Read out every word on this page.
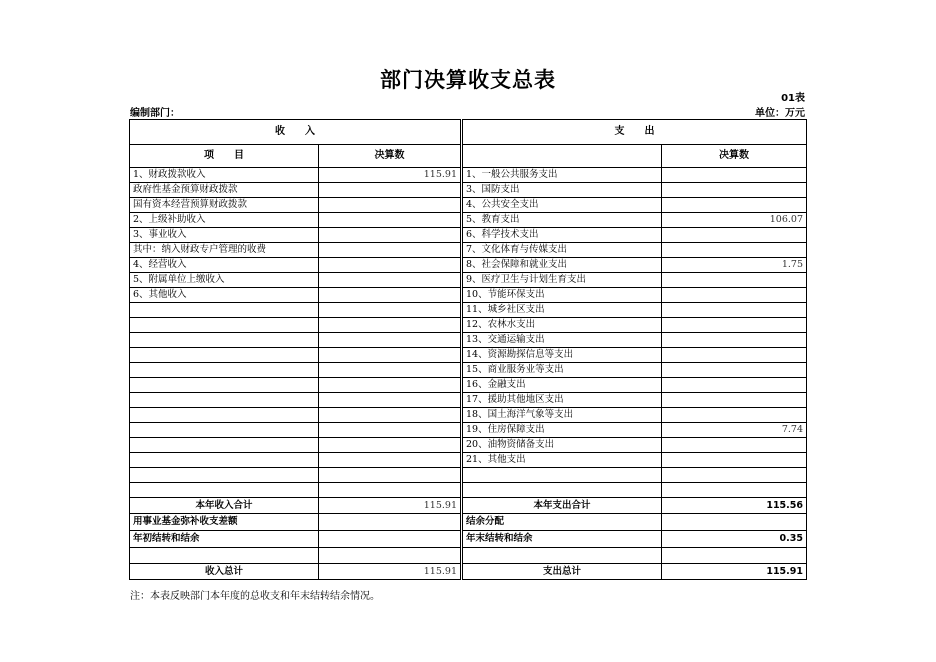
部门决算收支总表
01表
编制部门：	单位：万元
收　　入			支　　出	
项　　目	决算数			决算数
1、财政拨款收入	115.91		1、一般公共服务支出	
政府性基金预算财政拨款			3、国防支出	
国有资本经营预算财政拨款			4、公共安全支出	
2、上级补助收入			5、教育支出	106.07
3、事业收入			6、科学技术支出	
其中：纳入财政专户管理的收费			7、文化体育与传媒支出	
4、经营收入			8、社会保障和就业支出	1.75
5、附属单位上缴收入			9、医疗卫生与计划生育支出	
6、其他收入			10、节能环保支出	
			11、城乡社区支出	
			12、农林水支出	
			13、交通运输支出	
			14、资源勘探信息等支出	
			15、商业服务业等支出	
			16、金融支出	
			17、援助其他地区支出	
			18、国土海洋气象等支出	
			19、住房保障支出	7.74
			20、油物资储备支出	
			21、其他支出	

本年收入合计	115.91		本年支出合计	115.56
用事业基金弥补收支差额			结余分配	
年初结转和结余			年末结转和结余	0.35

收入总计	115.91		支出总计	115.91
注：本表反映部门本年度的总收支和年末结转结余情况。
